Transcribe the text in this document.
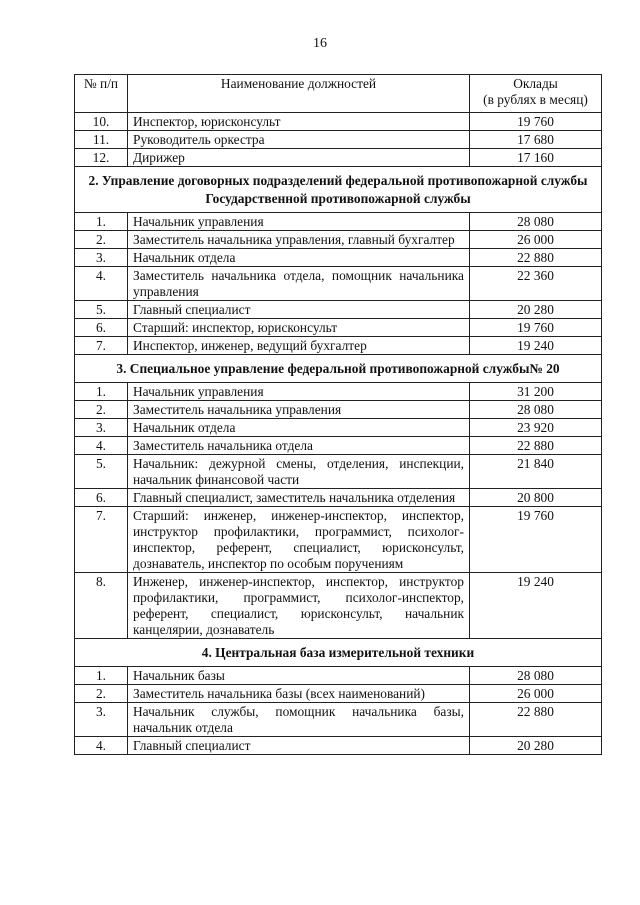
16
№ п/п	Наименование должностей	Оклады
(в рублях в месяц)

10.	Инспектор, юрисконсульт	19 760
11.	Руководитель оркестра	17 680
12.	Дирижер	17 160
2. Управление договорных подразделений федеральной противопожарной службы Государственной противопожарной службы		
1.	Начальник управления	28 080
2.	Заместитель начальника управления, главный бухгалтер	26 000
3.	Начальник отдела	22 880
4.	Заместитель начальника отдела, помощник начальника управления	22 360
5.	Главный специалист	20 280
6.	Старший: инспектор, юрисконсульт	19 760
7.	Инспектор, инженер, ведущий бухгалтер	19 240
3. Специальное управление федеральной противопожарной службы№ 20		
1.	Начальник управления	31 200
2.	Заместитель начальника управления	28 080
3.	Начальник отдела	23 920
4.	Заместитель начальника отдела	22 880
5.	Начальник: дежурной смены, отделения, инспекции, начальник финансовой части	21 840
6.	Главный специалист, заместитель начальника отделения	20 800
7.	Старший: инженер, инженер-инспектор, инспектор, инструктор профилактики, программист, психолог-инспектор, референт, специалист, юрисконсульт, дознаватель, инспектор по особым поручениям	19 760
8.	Инженер, инженер-инспектор, инспектор, инструктор профилактики, программист, психолог-инспектор, референт, специалист, юрисконсульт, начальник канцелярии, дознаватель	19 240
4. Центральная база измерительной техники		
1.	Начальник базы	28 080
2.	Заместитель начальника базы (всех наименований)	26 000
3.	Начальник службы, помощник начальника базы, начальник отдела	22 880
4.	Главный специалист	20 280
